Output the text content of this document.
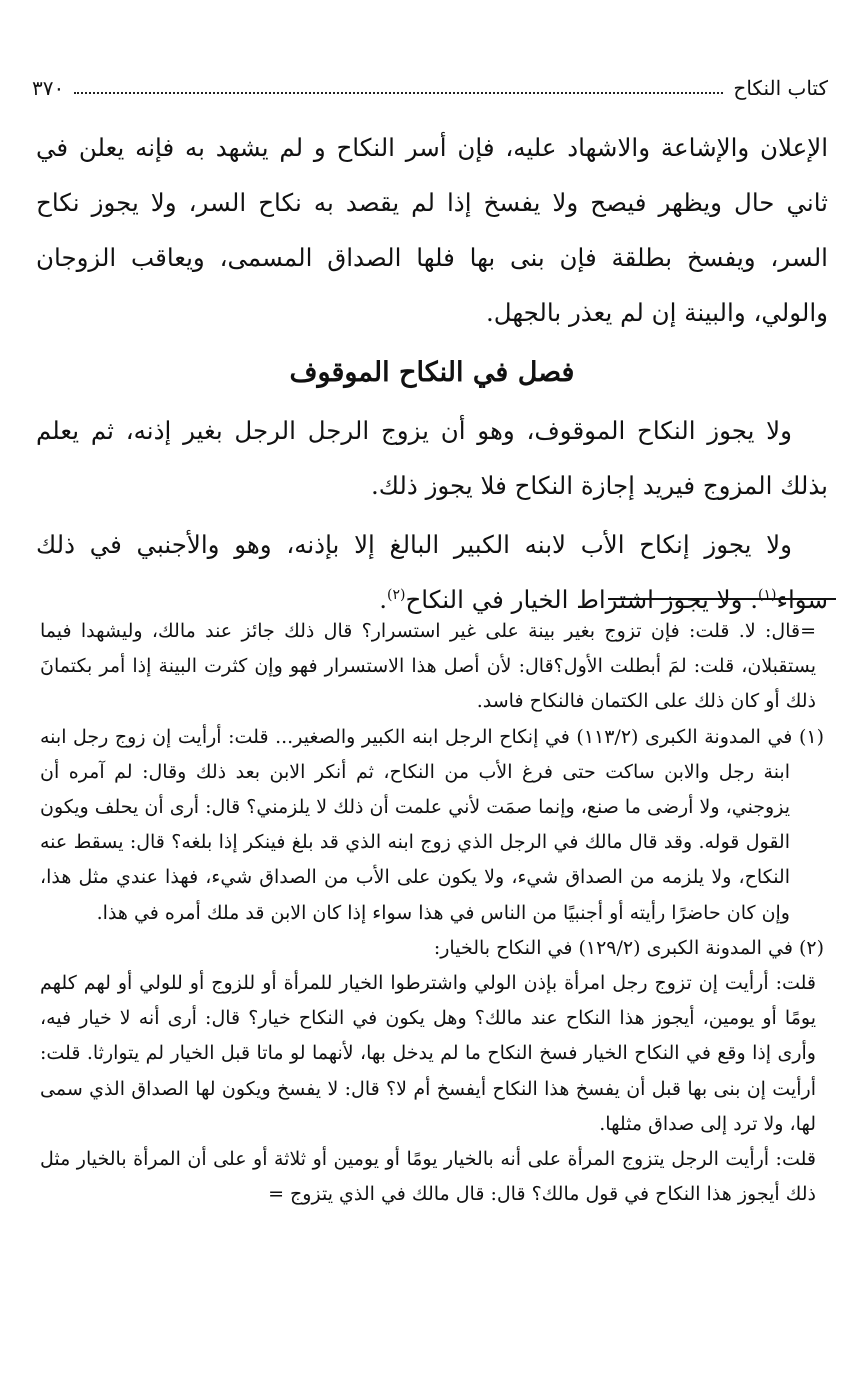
كتاب النكاح
٣٧٠

الإعلان والإشاعة والاشهاد عليه، فإن أسر النكاح و لم يشهد به فإنه يعلن في ثاني حال ويظهر فيصح ولا يفسخ إذا لم يقصد به نكاح السر، ولا يجوز نكاح السر، ويفسخ بطلقة فإن بنى بها فلها الصداق المسمى، ويعاقب الزوجان والولي، والبينة إن لم يعذر بالجهل.

فصل في النكاح الموقوف

ولا يجوز النكاح الموقوف، وهو أن يزوج الرجل الرجل بغير إذنه، ثم يعلم بذلك المزوج فيريد إجازة النكاح فلا يجوز ذلك.

ولا يجوز إنكاح الأب لابنه الكبير البالغ إلا بإذنه، وهو والأجنبي في ذلك سواء$^{(١)}$. ولا يجوز اشتراط الخيار في النكاح$^{(٢)}$.

=قال: لا. قلت: فإن تزوج بغير بينة على غير استسرار؟ قال ذلك جائز عند مالك، وليشهدا فيما يستقبلان، قلت: لمَ أبطلت الأول؟قال: لأن أصل هذا الاستسرار فهو وإن كثرت البينة إذا أمر بكتمانَ ذلك أو كان ذلك على الكتمان فالنكاح فاسد.

(١) في المدونة الكبرى (١١٣/٢) في إنكاح الرجل ابنه الكبير والصغير... قلت: أرأيت إن زوج رجل ابنه ابنة رجل والابن ساكت حتى فرغ الأب من النكاح، ثم أنكر الابن بعد ذلك وقال: لم آمره أن يزوجني، ولا أرضى ما صنع، وإنما صمَت لأني علمت أن ذلك لا يلزمني؟ قال: أرى أن يحلف ويكون القول قوله. وقد قال مالك في الرجل الذي زوج ابنه الذي قد بلغ فينكر إذا بلغه؟ قال: يسقط عنه النكاح، ولا يلزمه من الصداق شيء، ولا يكون على الأب من الصداق شيء، فهذا عندي مثل هذا، وإن كان حاضرًا رأيته أو أجنبيًا من الناس في هذا سواء إذا كان الابن قد ملك أمره في هذا.

(٢) في المدونة الكبرى (١٢٩/٢) في النكاح بالخيار:

قلت: أرأيت إن تزوج رجل امرأة بإذن الولي واشترطوا الخيار للمرأة أو للزوج أو للولي أو لهم كلهم يومًا أو يومين، أيجوز هذا النكاح عند مالك؟ وهل يكون في النكاح خيار؟ قال: أرى أنه لا خيار فيه، وأرى إذا وقع في النكاح الخيار فسخ النكاح ما لم يدخل بها، لأنهما لو ماتا قبل الخيار لم يتوارثا. قلت: أرأيت إن بنى بها قبل أن يفسخ هذا النكاح أيفسخ أم لا؟ قال: لا يفسخ ويكون لها الصداق الذي سمى لها، ولا ترد إلى صداق مثلها.

قلت: أرأيت الرجل يتزوج المرأة على أنه بالخيار يومًا أو يومين أو ثلاثة أو على أن المرأة بالخيار مثل ذلك أيجوز هذا النكاح في قول مالك؟ قال: قال مالك في الذي يتزوج =
